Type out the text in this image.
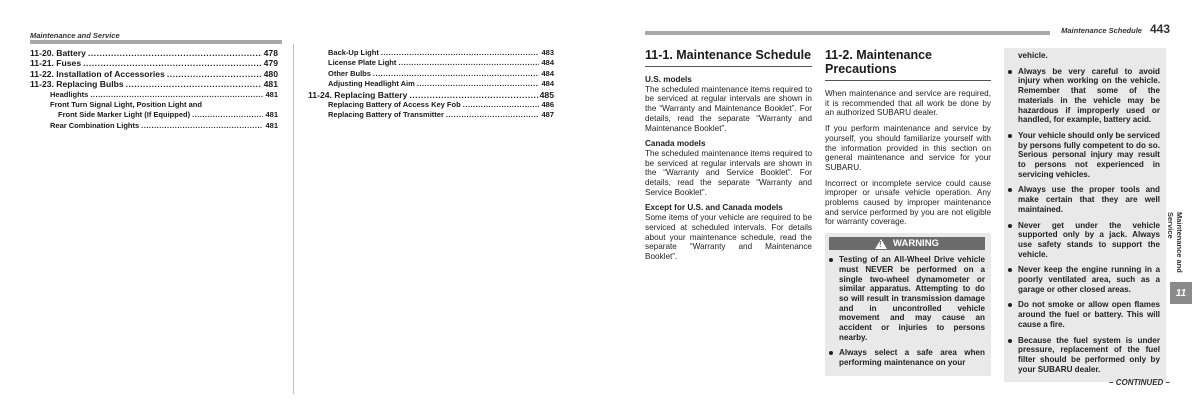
Maintenance and Service
Maintenance Schedule 443
11-20. Battery .....	478
11-21. Fuses .....	479
11-22. Installation of Accessories .....	480
11-23. Replacing Bulbs .....	481
Headlights .....	481
Front Turn Signal Light, Position Light and
Front Side Marker Light (If Equipped) .....	481
Rear Combination Lights .....	481
Back-Up Light .....	483
License Plate Light .....	484
Other Bulbs .....	484
Adjusting Headlight Aim .....	484
11-24. Replacing Battery .....	485
Replacing Battery of Access Key Fob .....	486
Replacing Battery of Transmitter .....	487
11-1. Maintenance Schedule

U.S. models

The scheduled maintenance items required to be serviced at regular intervals are shown in the “Warranty and Maintenance Booklet”. For details, read the separate “Warranty and Maintenance Booklet”.

Canada models

The scheduled maintenance items required to be serviced at regular intervals are shown in the “Warranty and Service Booklet”. For details, read the separate “Warranty and Service Booklet”.

Except for U.S. and Canada models

Some items of your vehicle are required to be serviced at scheduled intervals. For details about your maintenance schedule, read the separate “Warranty and Maintenance Booklet”.

11-2. Maintenance Precautions

When maintenance and service are required, it is recommended that all work be done by an authorized SUBARU dealer.

If you perform maintenance and service by yourself, you should familiarize yourself with the information provided in this section on general maintenance and service for your SUBARU.

Incorrect or incomplete service could cause improper or unsafe vehicle operation. Any problems caused by improper maintenance and service performed by you are not eligible for warranty coverage.

!
WARNING
Testing of an All-Wheel Drive vehicle must NEVER be performed on a single two-wheel dynamometer or similar apparatus. Attempting to do so will result in transmission damage and in uncontrolled vehicle movement and may cause an accident or injuries to persons nearby.
Always select a safe area when performing maintenance on your
vehicle.
Always be very careful to avoid injury when working on the vehicle. Remember that some of the materials in the vehicle may be hazardous if improperly used or handled, for example, battery acid.
Your vehicle should only be serviced by persons fully competent to do so. Serious personal injury may result to persons not experienced in servicing vehicles.
Always use the proper tools and make certain that they are well maintained.
Never get under the vehicle supported only by a jack. Always use safety stands to support the vehicle.
Never keep the engine running in a poorly ventilated area, such as a garage or other closed areas.
Do not smoke or allow open flames around the fuel or battery. This will cause a fire.
Because the fuel system is under pressure, replacement of the fuel filter should be performed only by your SUBARU dealer.
Maintenance and Service
11
– CONTINUED –
